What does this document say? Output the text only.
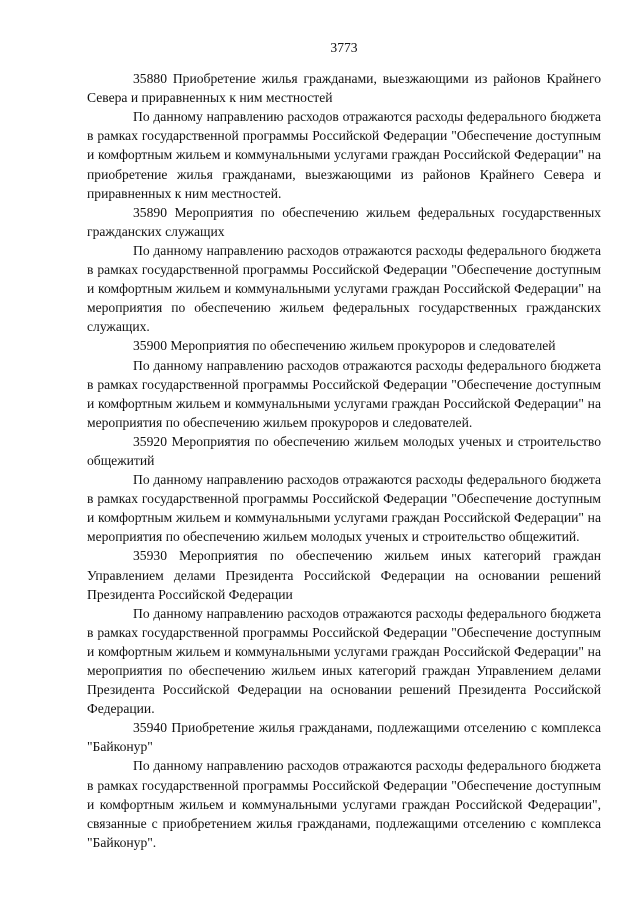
3773

35880 Приобретение жилья гражданами, выезжающими из районов Крайнего Севера и приравненных к ним местностей

По данному направлению расходов отражаются расходы федерального бюджета в рамках государственной программы Российской Федерации "Обеспечение доступным и комфортным жильем и коммунальными услугами граждан Российской Федерации" на приобретение жилья гражданами, выезжающими из районов Крайнего Севера и приравненных к ним местностей.

35890 Мероприятия по обеспечению жильем федеральных государственных гражданских служащих

По данному направлению расходов отражаются расходы федерального бюджета в рамках государственной программы Российской Федерации "Обеспечение доступным и комфортным жильем и коммунальными услугами граждан Российской Федерации" на мероприятия по обеспечению жильем федеральных государственных гражданских служащих.

35900 Мероприятия по обеспечению жильем прокуроров и следователей

По данному направлению расходов отражаются расходы федерального бюджета в рамках государственной программы Российской Федерации "Обеспечение доступным и комфортным жильем и коммунальными услугами граждан Российской Федерации" на мероприятия по обеспечению жильем прокуроров и следователей.

35920 Мероприятия по обеспечению жильем молодых ученых и строительство общежитий

По данному направлению расходов отражаются расходы федерального бюджета в рамках государственной программы Российской Федерации "Обеспечение доступным и комфортным жильем и коммунальными услугами граждан Российской Федерации" на мероприятия по обеспечению жильем молодых ученых и строительство общежитий.

35930 Мероприятия по обеспечению жильем иных категорий граждан Управлением делами Президента Российской Федерации на основании решений Президента Российской Федерации

По данному направлению расходов отражаются расходы федерального бюджета в рамках государственной программы Российской Федерации "Обеспечение доступным и комфортным жильем и коммунальными услугами граждан Российской Федерации" на мероприятия по обеспечению жильем иных категорий граждан Управлением делами Президента Российской Федерации на основании решений Президента Российской Федерации.

35940 Приобретение жилья гражданами, подлежащими отселению с комплекса "Байконур"

По данному направлению расходов отражаются расходы федерального бюджета в рамках государственной программы Российской Федерации "Обеспечение доступным и комфортным жильем и коммунальными услугами граждан Российской Федерации", связанные с приобретением жилья гражданами, подлежащими отселению с комплекса "Байконур".
